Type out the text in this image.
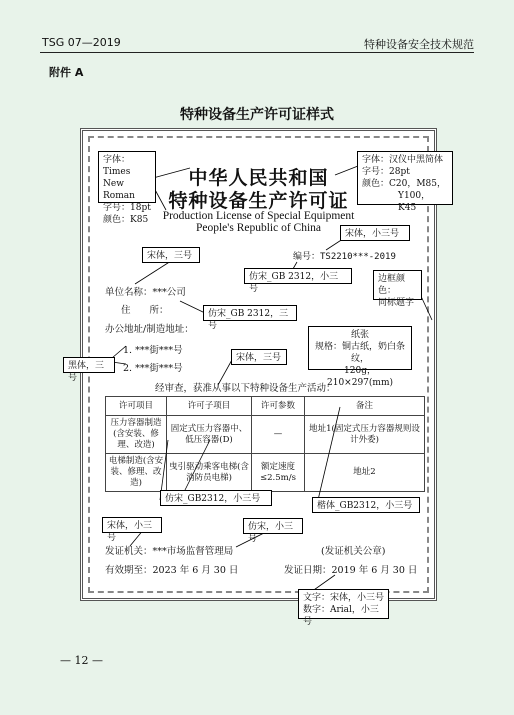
TSG 07—2019	特种设备安全技术规范
附件 A
特种设备生产许可证样式
中华人民共和国
特种设备生产许可证
Production License of Special Equipment
People's Republic of China
编号：TS2210***-2019
单位名称：***公司
住　　所：
办公地址/制造地址：
1. ***街***号
2. ***街***号
经审查，获准从事以下特种设备生产活动：
许可项目	许可子项目	许可参数	备注
压力容器制造(含安装、修理、改造)	固定式压力容器中、低压容器(D)	—	地址1(固定式压力容器规则设计外委)
电梯制造(含安装、修理、改造)	曳引驱动乘客电梯(含消防员电梯)	额定速度≤2.5m/s	地址2
发证机关：***市场监督管理局	(发证机关公章)
有效期至：2023 年 6 月 30 日	发证日期：2019 年 6 月 30 日
字体：Times
New Roman
字号：18pt
颜色：K85
字体：汉仪中黑简体
字号：28pt
颜色：C20，M85，
Y100，K45
宋体，小三号
宋体，三号
仿宋_GB 2312，小三号
边框颜色：
同标题字
仿宋_GB 2312，三号
纸张
规格：铜古纸，奶白条纹，
120g，210×297(mm)
黑体，三号
宋体，三号
仿宋_GB2312，小三号
楷体_GB2312，小三号
宋体，小三号
仿宋，小三号
文字：宋体，小三号
数字：Arial，小三号
— 12 —
